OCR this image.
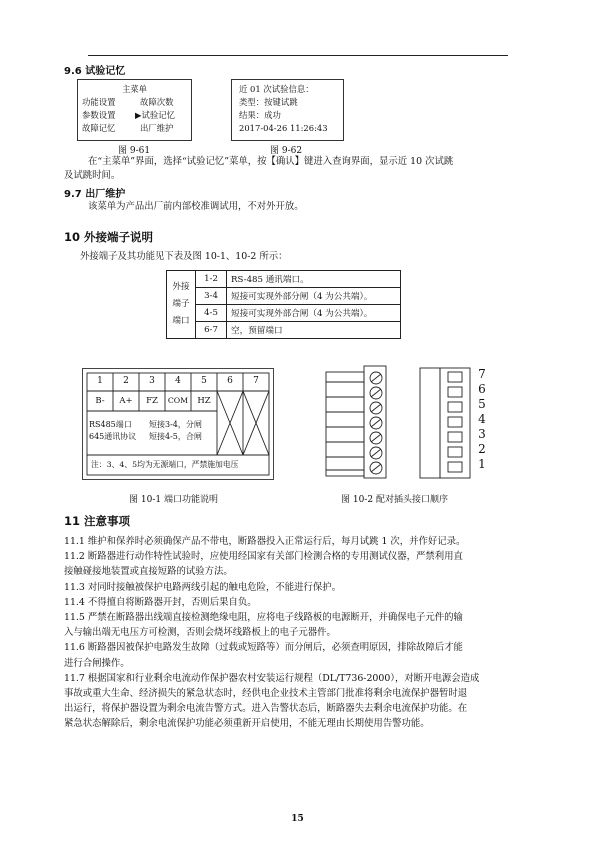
9.6 试验记忆
主菜单
功能设置	故障次数
参数设置 ▶试验记忆
故障记忆	出厂维护
近 01 次试验信息：
类型：按键试跳
结果：成功
2017-04-26 11:26:43
图 9-61	图 9-62
在“主菜单”界面，选择“试验记忆”菜单，按【确认】键进入查询界面，显示近 10 次试跳
及试跳时间。
9.7 出厂维护
该菜单为产品出厂前内部校准调试用，不对外开放。
10 外接端子说明
外接端子及其功能见下表及图 10-1、10-2 所示：
外接
端子
端口	1-2	RS-485 通讯端口。
	3-4	短接可实现外部分闸（4 为公共端）。
	4-5	短接可实现外部合闸（4 为公共端）。
	6-7	空，预留端口
1	2	3	4	5	6	7
B-	A+	FZ	COM	HZ
RS485端口
645通讯协议
短接3-4，分闸
短接4-5，合闸
注：3、4、5均为无源端口，严禁施加电压
7
6
5
4
3
2
1
图 10-1 端口功能说明	图 10-2 配对插头接口顺序
11 注意事项
11.1 维护和保养时必须确保产品不带电，断路器投入正常运行后，每月试跳 1 次，并作好记录。
11.2 断路器进行动作特性试验时，应使用经国家有关部门检测合格的专用测试仪器，严禁利用直
接触碰接地装置或直接短路的试验方法。
11.3 对同时接触被保护电路两线引起的触电危险，不能进行保护。
11.4 不得擅自将断路器开封，否则后果自负。
11.5 严禁在断路器出线端直接检测绝缘电阻，应将电子线路板的电源断开，并确保电子元件的输
入与输出端无电压方可检测，否则会烧坏线路板上的电子元器件。
11.6 断路器因被保护电路发生故障（过载或短路等）而分闸后，必须查明原因，排除故障后才能
进行合闸操作。
11.7 根据国家和行业剩余电流动作保护器农村安装运行规程（DL/T736-2000），对断开电源会造成
事故或重大生命、经济损失的紧急状态时，经供电企业技术主管部门批准将剩余电流保护器暂时退
出运行，将保护器设置为剩余电流告警方式。进入告警状态后，断路器失去剩余电流保护功能。在
紧急状态解除后，剩余电流保护功能必须重新开启使用，不能无理由长期使用告警功能。
15
